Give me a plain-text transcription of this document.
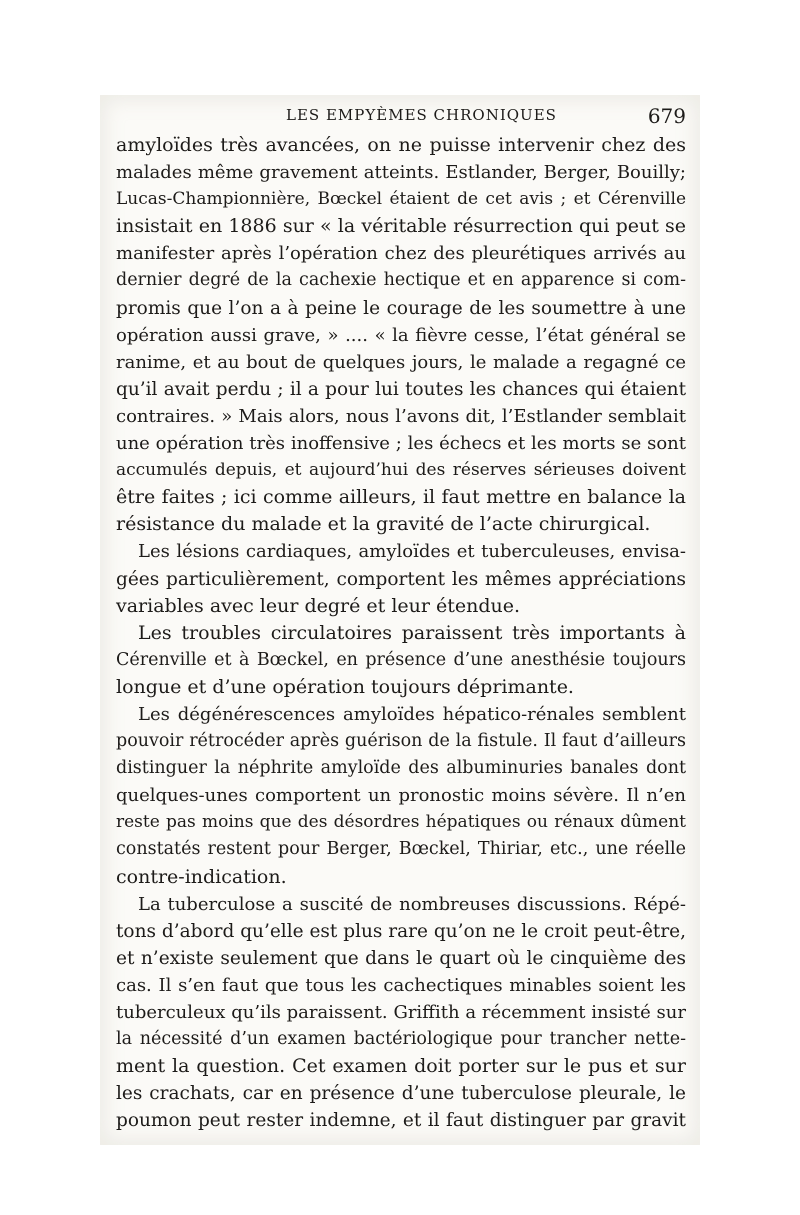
LES EMPYÈMES CHRONIQUES	679
amyloïdes très avancées, on ne puisse intervenir chez des
malades même gravement atteints. Estlander, Berger, Bouilly;
Lucas-Championnière, Bœckel étaient de cet avis ; et Cérenville
insistait en 1886 sur « la véritable résurrection qui peut se
manifester après l’opération chez des pleurétiques arrivés au
dernier degré de la cachexie hectique et en apparence si com-
promis que l’on a à peine le courage de les soumettre à une
opération aussi grave, » .... « la fièvre cesse, l’état général se
ranime, et au bout de quelques jours, le malade a regagné ce
qu’il avait perdu ; il a pour lui toutes les chances qui étaient
contraires. » Mais alors, nous l’avons dit, l’Estlander semblait
une opération très inoffensive ; les échecs et les morts se sont
accumulés depuis, et aujourd’hui des réserves sérieuses doivent
être faites ; ici comme ailleurs, il faut mettre en balance la
résistance du malade et la gravité de l’acte chirurgical.
Les lésions cardiaques, amyloïdes et tuberculeuses, envisa-
gées particulièrement, comportent les mêmes appréciations
variables avec leur degré et leur étendue.
Les troubles circulatoires paraissent très importants à
Cérenville et à Bœckel, en présence d’une anesthésie toujours
longue et d’une opération toujours déprimante.
Les dégénérescences amyloïdes hépatico-rénales semblent
pouvoir rétrocéder après guérison de la fistule. Il faut d’ailleurs
distinguer la néphrite amyloïde des albuminuries banales dont
quelques-unes comportent un pronostic moins sévère. Il n’en
reste pas moins que des désordres hépatiques ou rénaux dûment
constatés restent pour Berger, Bœckel, Thiriar, etc., une réelle
contre-indication.
La tuberculose a suscité de nombreuses discussions. Répé-
tons d’abord qu’elle est plus rare qu’on ne le croit peut-être,
et n’existe seulement que dans le quart où le cinquième des
cas. Il s’en faut que tous les cachectiques minables soient les
tuberculeux qu’ils paraissent. Griffith a récemment insisté sur
la nécessité d’un examen bactériologique pour trancher nette-
ment la question. Cet examen doit porter sur le pus et sur
les crachats, car en présence d’une tuberculose pleurale, le
poumon peut rester indemne, et il faut distinguer par gravit
